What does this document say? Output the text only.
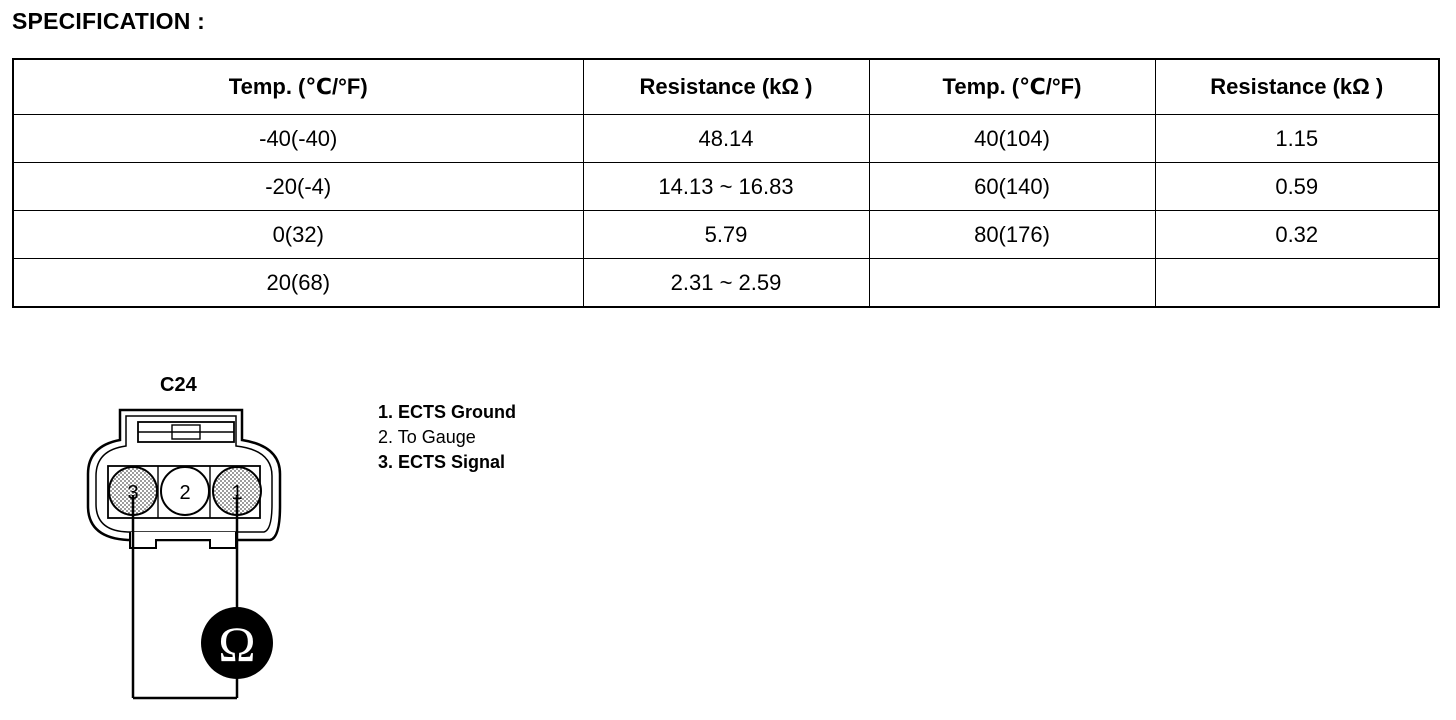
SPECIFICATION :
Temp. (℃/°F)	Resistance (kΩ )	Temp. (℃/°F)	Resistance (kΩ )
-40(-40)	48.14	40(104)	1.15
-20(-4)	14.13 ~ 16.83	60(140)	0.59
0(32)	5.79	80(176)	0.32
20(68)	2.31 ~ 2.59		
C24
3 2 1
Ω
1. ECTS Ground
2. To Gauge
3. ECTS Signal
